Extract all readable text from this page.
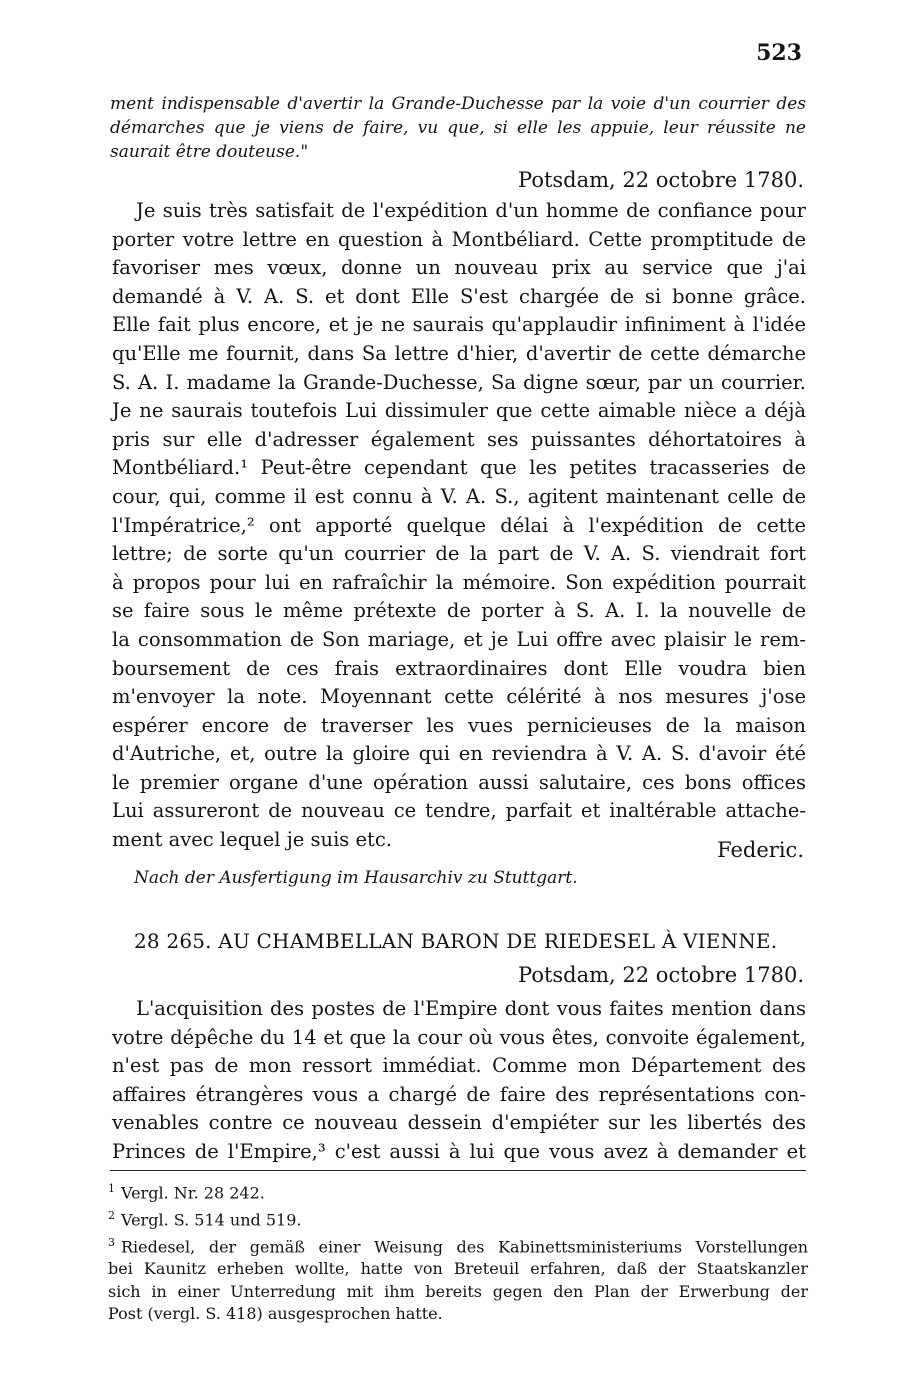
523
ment indispensable d'avertir la Grande-Duchesse par la voie d'un courrier des
démarches que je viens de faire, vu que, si elle les appuie, leur réussite ne
saurait être douteuse."
Potsdam, 22 octobre 1780.
Je suis très satisfait de l'expédition d'un homme de confiance pour
porter votre lettre en question à Montbéliard. Cette promptitude de
favoriser mes vœux, donne un nouveau prix au service que j'ai
demandé à V. A. S. et dont Elle S'est chargée de si bonne grâce.
Elle fait plus encore, et je ne saurais qu'applaudir infiniment à l'idée
qu'Elle me fournit, dans Sa lettre d'hier, d'avertir de cette démarche
S. A. I. madame la Grande-Duchesse, Sa digne sœur, par un courrier.
Je ne saurais toutefois Lui dissimuler que cette aimable nièce a déjà
pris sur elle d'adresser également ses puissantes déhortatoires à
Montbéliard.¹ Peut-être cependant que les petites tracasseries de
cour, qui, comme il est connu à V. A. S., agitent maintenant celle de
l'Impératrice,² ont apporté quelque délai à l'expédition de cette
lettre; de sorte qu'un courrier de la part de V. A. S. viendrait fort
à propos pour lui en rafraîchir la mémoire. Son expédition pourrait
se faire sous le même prétexte de porter à S. A. I. la nouvelle de
la consommation de Son mariage, et je Lui offre avec plaisir le rem-
boursement de ces frais extraordinaires dont Elle voudra bien
m'envoyer la note. Moyennant cette célérité à nos mesures j'ose
espérer encore de traverser les vues pernicieuses de la maison
d'Autriche, et, outre la gloire qui en reviendra à V. A. S. d'avoir été
le premier organe d'une opération aussi salutaire, ces bons offices
Lui assureront de nouveau ce tendre, parfait et inaltérable attache-
ment avec lequel je suis etc.	Federic.
Nach der Ausfertigung im Hausarchiv zu Stuttgart.
28 265. AU CHAMBELLAN BARON DE RIEDESEL À VIENNE.
Potsdam, 22 octobre 1780.
L'acquisition des postes de l'Empire dont vous faites mention dans
votre dépêche du 14 et que la cour où vous êtes, convoite également,
n'est pas de mon ressort immédiat. Comme mon Département des
affaires étrangères vous a chargé de faire des représentations con-
venables contre ce nouveau dessein d'empiéter sur les libertés des
Princes de l'Empire,³ c'est aussi à lui que vous avez à demander et
$^1$ Vergl. Nr. 28 242.
$^2$ Vergl. S. 514 und 519.
$^3$ Riedesel, der gemäß einer Weisung des Kabinettsministeriums Vorstellungen
bei Kaunitz erheben wollte, hatte von Breteuil erfahren, daß der Staatskanzler
sich in einer Unterredung mit ihm bereits gegen den Plan der Erwerbung der
Post (vergl. S. 418) ausgesprochen hatte.
